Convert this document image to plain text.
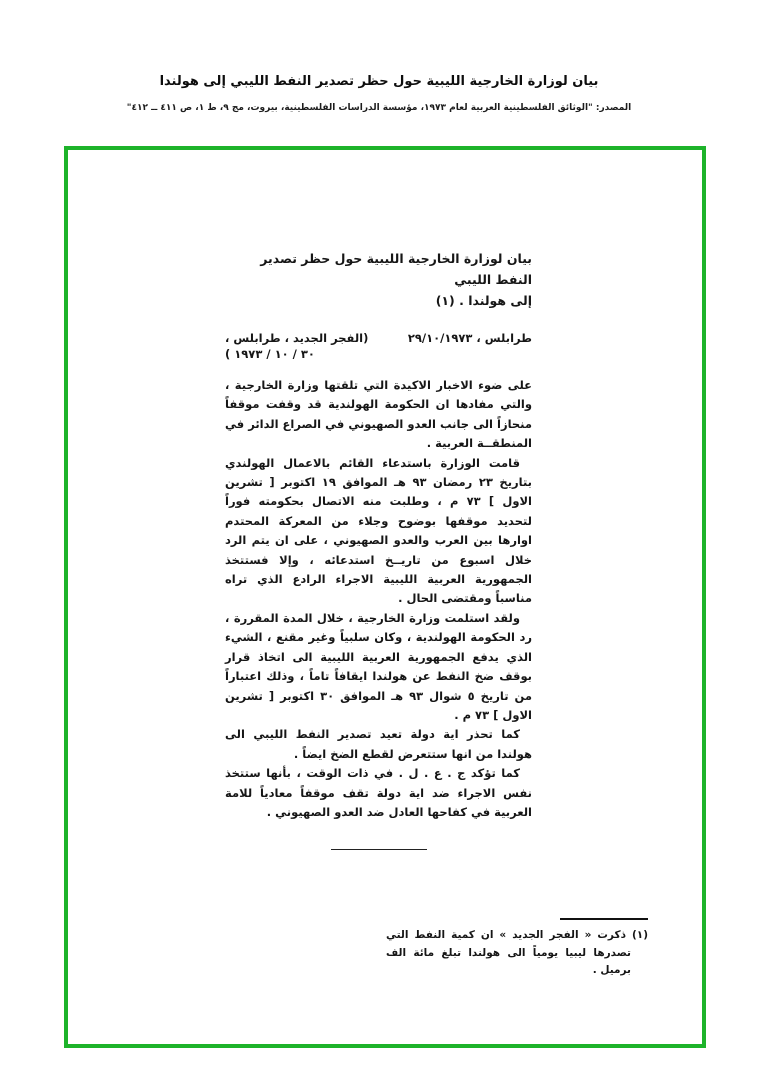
بيان لوزارة الخارجية الليبية حول حظر تصدير النفط الليبي إلى هولندا
المصدر: "الوثائق الفلسطينية العربية لعام ١٩٧٣، مؤسسة الدراسات الفلسطينية، بيروت، مج ٩، ط ١، ص ٤١١ ــ ٤١٢"
بيان لوزارة الخارجية الليبية حول حظر تصدير النفط الليبي
إلى هولندا . (١)
طرابلس ، ٢٩/١٠/١٩٧٣
(الفجر الجديد ، طرابلس ،
٣٠ / ١٠ / ١٩٧٣ )

على ضوء الاخبار الاكيدة التي تلقتها وزارة الخارجية ، والتي مفادها ان الحكومة الهولندية قد وقفت موقفاً منحازاً الى جانب العدو الصهيوني في الصراع الدائر في المنطقــة العربية .

قامت الوزارة باستدعاء القائم بالاعمال الهولندي بتاريخ ٢٣ رمضان ٩٣ هـ الموافق ١٩ اكتوبر [ تشرين الاول ] ٧٣ م ، وطلبت منه الاتصال بحكومته فوراً لتحديد موقفها بوضوح وجلاء من المعركة المحتدم اوارها بين العرب والعدو الصهيوني ، على ان يتم الرد خلال اسبوع من تاريــخ استدعائه ، وإلا فستتخذ الجمهورية العربية الليبية الاجراء الرادع الذي تراه مناسباً ومقتضى الحال .

ولقد استلمت وزارة الخارجية ، خلال المدة المقررة ، رد الحكومة الهولندية ، وكان سلبياً وغير مقنع ، الشيء الذي يدفع الجمهورية العربية الليبية الى اتخاذ قرار بوقف ضخ النفط عن هولندا ايقافاً تاماً ، وذلك اعتباراً من تاريخ ٥ شوال ٩٣ هـ الموافق ٣٠ اكتوبر [ تشرين الاول ] ٧٣ م .

كما تحذر اية دولة تعيد تصدير النفط الليبي الى هولندا من انها ستتعرض لقطع الضخ ايضاً .

كما تؤكد ج . ع . ل . في ذات الوقت ، بأنها ستتخذ نفس الاجراء ضد اية دولة تقف موقفاً معادياً للامة العربية في كفاحها العادل ضد العدو الصهيوني .

(١) ذكرت « الفجر الجديد » ان كمية النفط التي تصدرها ليبيا يومياً الى هولندا تبلغ مائة الف برميل .
